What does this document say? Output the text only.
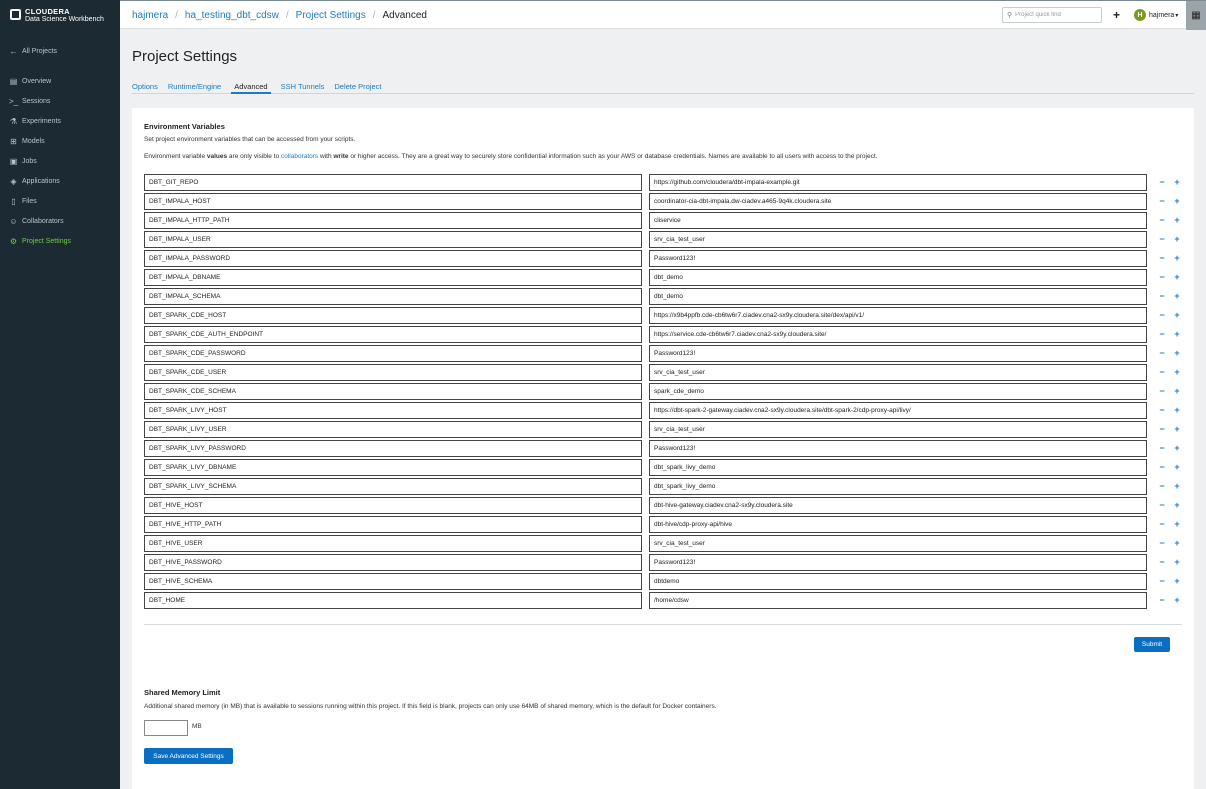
CLOUDERA
Data Science Workbench
← All Projects
▤ Overview
>_ Sessions
⚗ Experiments
⊞ Models
▣ Jobs
◈ Applications
▯ Files
☺ Collaborators
⚙ Project Settings
hajmera / ha_testing_dbt_cdsw / Project Settings / Advanced	⚲
Project quick find	+	H hajmera ▾	▦
Project Settings
Options Runtime/Engine	Advanced	SSH Tunnels Delete Project
Environment Variables
Set project environment variables that can be accessed from your scripts.
Environment variable values are only visible to collaborators with write or higher access. They are a great way to securely store confidential information such as your AWS or database credentials. Names are available to all users with access to the project.
DBT_GIT_REPO
https://github.com/cloudera/dbt-impala-example.git
− +
DBT_IMPALA_HOST
coordinator-cia-dbt-impala.dw-ciadev.a465-9q4k.cloudera.site
− +
DBT_IMPALA_HTTP_PATH
cliservice
− +
DBT_IMPALA_USER
srv_cia_test_user
− +
DBT_IMPALA_PASSWORD
Password123!
− +
DBT_IMPALA_DBNAME
dbt_demo
− +
DBT_IMPALA_SCHEMA
dbt_demo
− +
DBT_SPARK_CDE_HOST
https://x9b4ppfb.cde-cb6tw6r7.ciadev.cna2-sx9y.cloudera.site/dex/api/v1/
− +
DBT_SPARK_CDE_AUTH_ENDPOINT
https://service.cde-cb6tw6r7.ciadev.cna2-sx9y.cloudera.site/
− +
DBT_SPARK_CDE_PASSWORD
Password123!
− +
DBT_SPARK_CDE_USER
srv_cia_test_user
− +
DBT_SPARK_CDE_SCHEMA
spark_cde_demo
− +
DBT_SPARK_LIVY_HOST
https://dbt-spark-2-gateway.ciadev.cna2-sx9y.cloudera.site/dbt-spark-2/cdp-proxy-api/livy/
− +
DBT_SPARK_LIVY_USER
srv_cia_test_user
− +
DBT_SPARK_LIVY_PASSWORD
Password123!
− +
DBT_SPARK_LIVY_DBNAME
dbt_spark_livy_demo
− +
DBT_SPARK_LIVY_SCHEMA
dbt_spark_livy_demo
− +
DBT_HIVE_HOST
dbt-hive-gateway.ciadev.cna2-sx9y.cloudera.site
− +
DBT_HIVE_HTTP_PATH
dbt-hive/cdp-proxy-api/hive
− +
DBT_HIVE_USER
srv_cia_test_user
− +
DBT_HIVE_PASSWORD
Password123!
− +
DBT_HIVE_SCHEMA
dbtdemo
− +
DBT_HOME
/home/cdsw
− +
Submit
Shared Memory Limit
Additional shared memory (in MB) that is available to sessions running within this project. If this field is blank, projects can only use 64MB of shared memory, which is the default for Docker containers.
MB
Save Advanced Settings
